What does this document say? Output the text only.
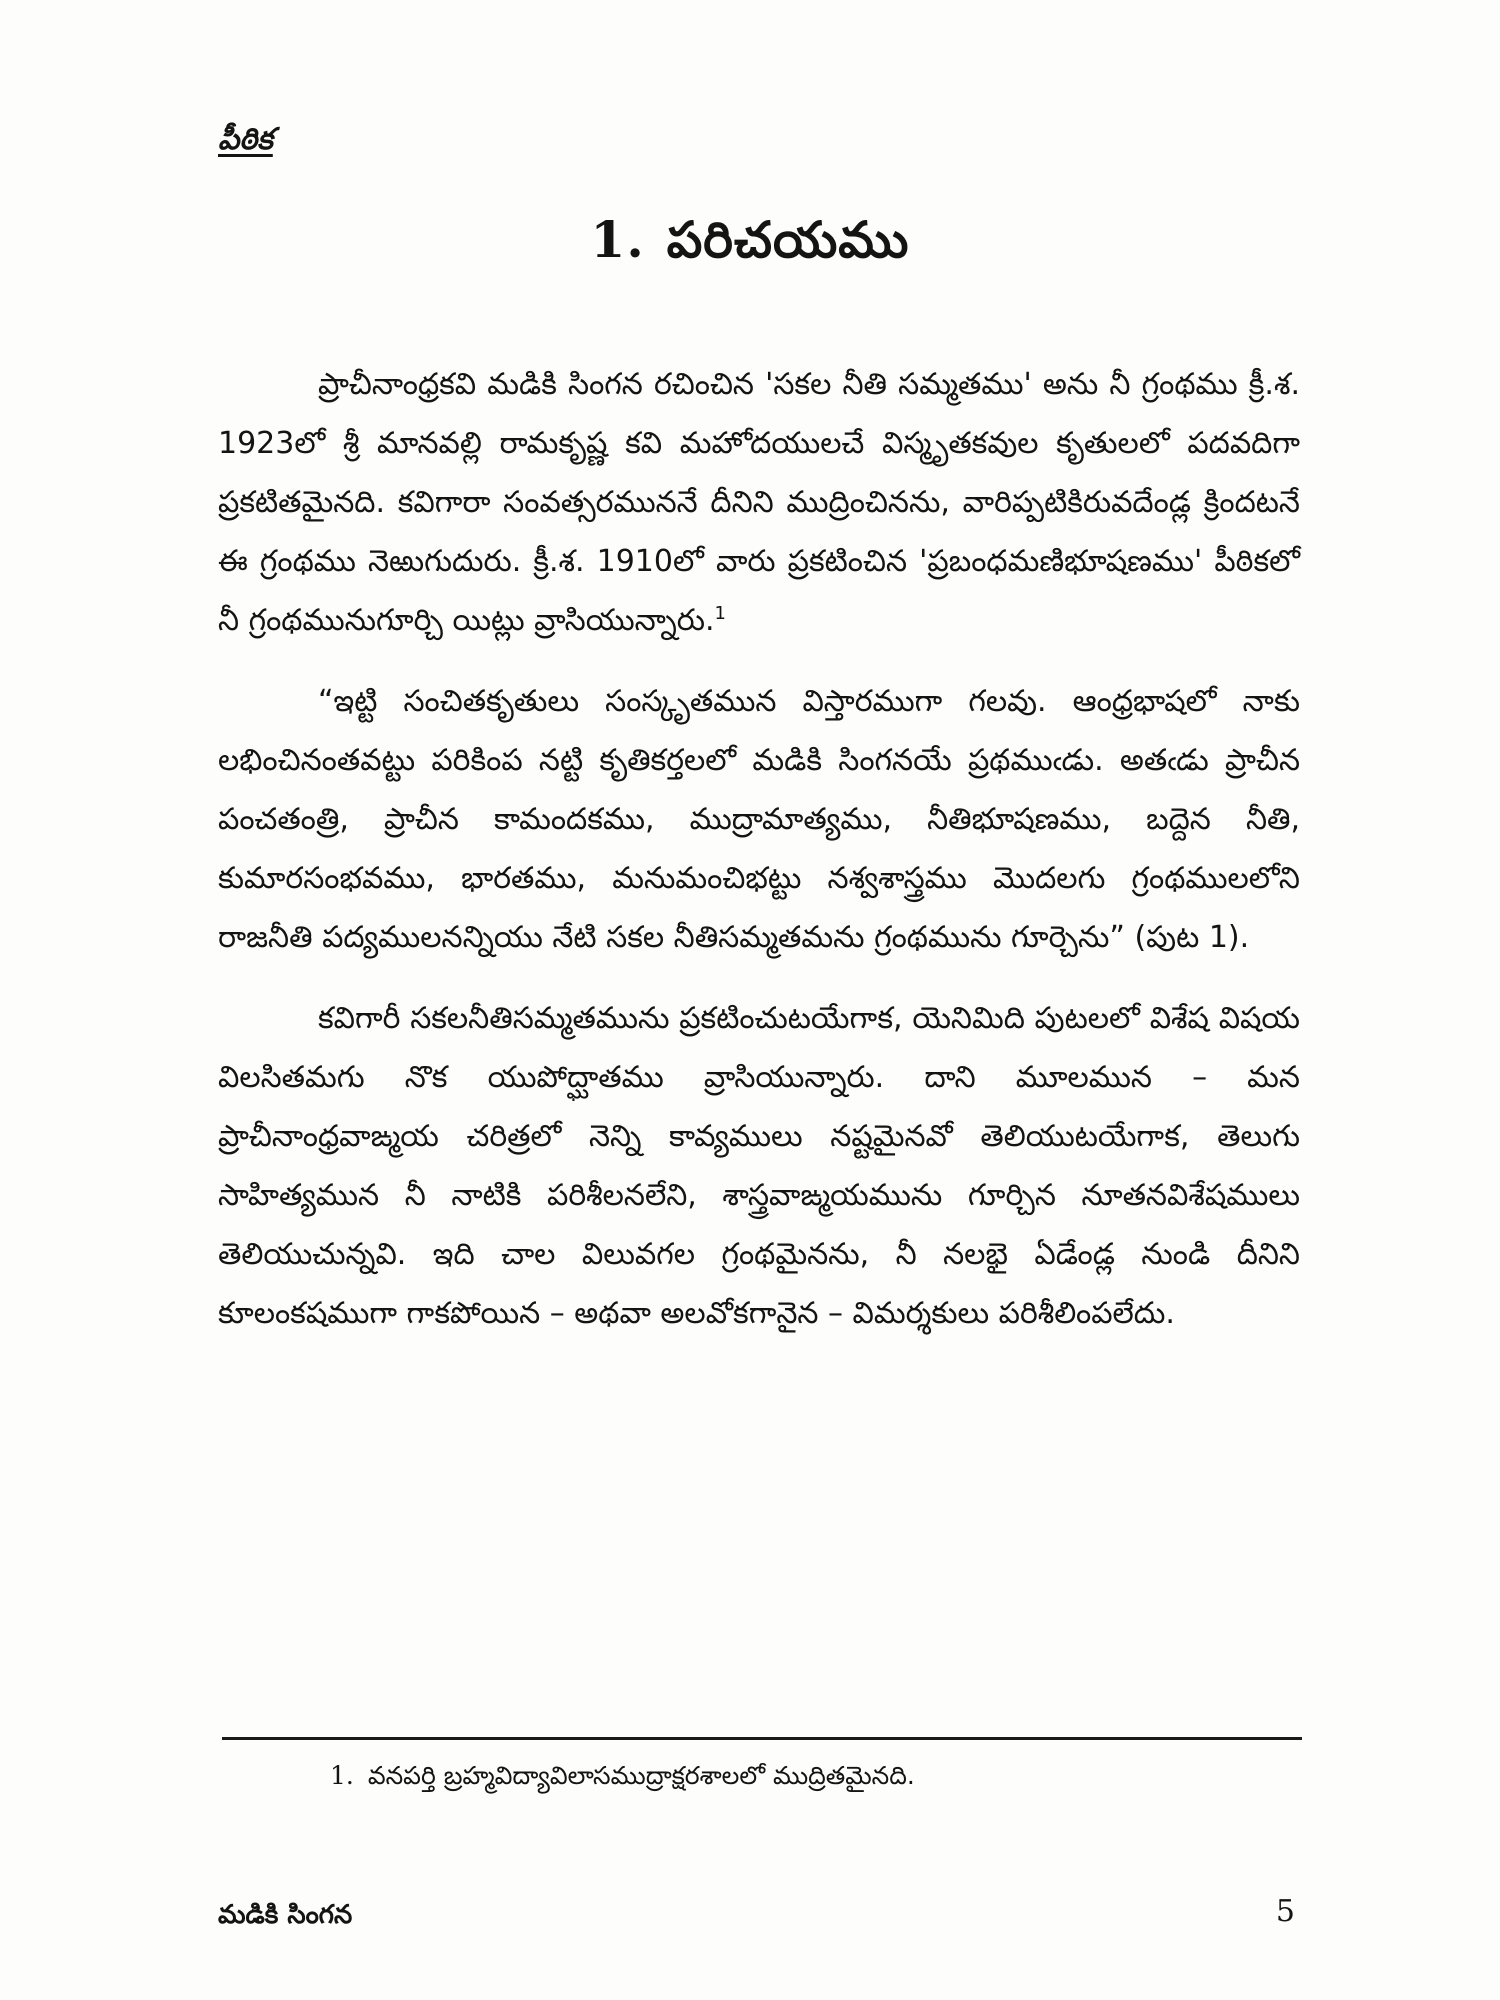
పీఠిక
1. పరిచయము

ప్రాచీనాంధ్రకవి మడికి సింగన రచించిన 'సకల నీతి సమ్మతము' అను నీ గ్రంథము క్రీ.శ. 1923లో శ్రీ మానవల్లి రామకృష్ణ కవి మహోదయులచే విస్మృతకవుల కృతులలో పదవదిగా ప్రకటితమైనది. కవిగారా సంవత్సరముననే దీనిని ముద్రించినను, వారిప్పటికిరువదేండ్ల క్రిందటనే ఈ గ్రంథము నెఱుగుదురు. క్రీ.శ. 1910లో వారు ప్రకటించిన 'ప్రబంధమణిభూషణము' పీఠికలో నీ గ్రంథమునుగూర్చి యిట్లు వ్రాసియున్నారు.$^1$

“ఇట్టి సంచితకృతులు సంస్కృతమున విస్తారముగా గలవు. ఆంధ్రభాషలో నాకు లభించినంతవట్టు పరికింప నట్టి కృతికర్తలలో మడికి సింగనయే ప్రథముఁడు. అతఁడు ప్రాచీన పంచతంత్రి, ప్రాచీన కామందకము, ముద్రామాత్యము, నీతిభూషణము, బద్దెన నీతి, కుమారసంభవము, భారతము, మనుమంచిభట్టు నశ్వశాస్త్రము మొదలగు గ్రంథములలోని రాజనీతి పద్యములనన్నియు నేటి సకల నీతిసమ్మతమను గ్రంథమును గూర్చెను” (పుట 1).

కవిగారీ సకలనీతిసమ్మతమును ప్రకటించుటయేగాక, యెనిమిది పుటలలో విశేష విషయ విలసితమగు నొక యుపోద్ఘాతము వ్రాసియున్నారు. దాని మూలమున – మన ప్రాచీనాంధ్రవాఙ్మయ చరిత్రలో నెన్ని కావ్యములు నష్టమైనవో తెలియుటయేగాక, తెలుగు సాహిత్యమున నీ నాటికి పరిశీలనలేని, శాస్త్రవాఙ్మయమును గూర్చిన నూతనవిశేషములు తెలియుచున్నవి. ఇది చాల విలువగల గ్రంథమైనను, నీ నలభై ఏడేండ్ల నుండి దీనిని కూలంకషముగా గాకపోయిన – అథవా అలవోకగానైన – విమర్శకులు పరిశీలింపలేదు.

1. వనపర్తి బ్రహ్మవిద్యావిలాసముద్రాక్షరశాలలో ముద్రితమైనది.
మడికి సింగన	5
